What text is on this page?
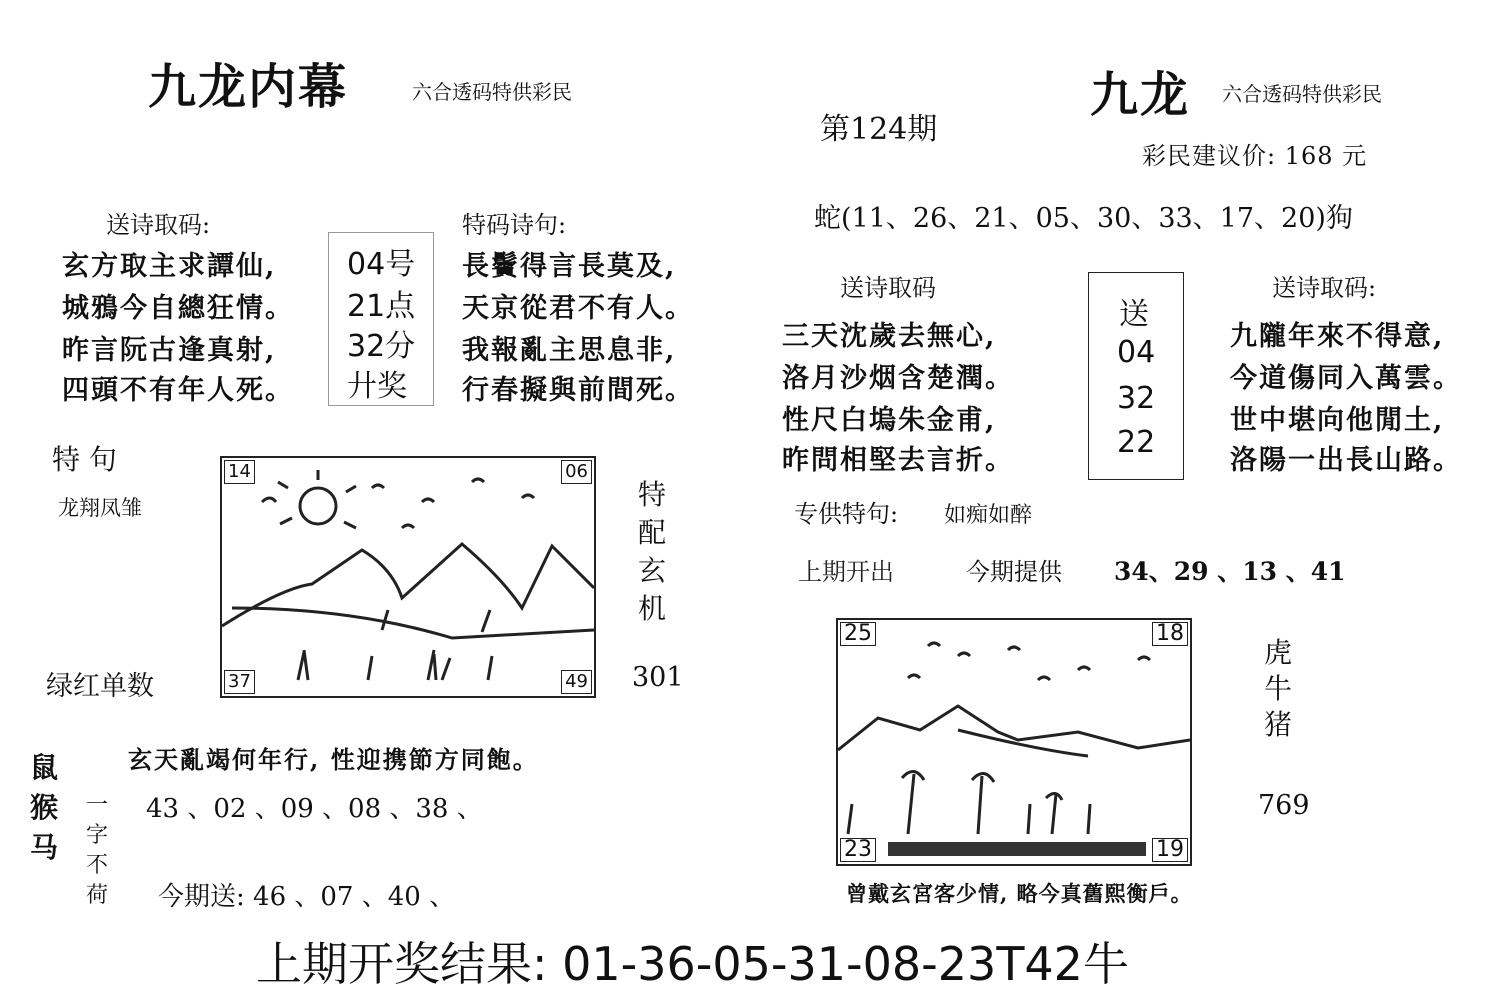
九龙内幕	六合透码特供彩民
送诗取码:
玄方取主求譚仙,
城鴉今自總狂情。
昨言阮古逢真射,
四頭不有年人死。
04号
21点
32分
廾奖
特码诗句:
長鬢得言長莫及,
天京從君不有人。
我報亂主思息非,
行春擬與前間死。
特 句
龙翔凤雏
绿红单数
14	06
37	49
特
配
玄
机
301
玄天亂竭何年行, 性迎携節方同飽。
鼠
猴
马
一
字
不
荷
43 、02 、09 、08 、38 、
今期送: 46 、07 、40 、
第124期
九龙 六合透码特供彩民
彩民建议价: 168 元
蛇(11、26、21、05、30、33、17、20)狗
送诗取码
三天沈歲去無心,
洛月沙烟含楚潤。
性尺白塢朱金甫,
昨問相堅去言折。
送
04
32
22
送诗取码:
九隴年來不得意,
今道傷同入萬雲。
世中堪向他閒土,
洛陽一出長山路。
专供特句: 如痴如醉
上期开出	今期提供 34、29 、13 、41
25	18
23	19
虎
牛
猪
769
曾戴玄宮客少情, 略今真舊熙衡戶。
上期开奖结果: 01-36-05-31-08-23T42牛
